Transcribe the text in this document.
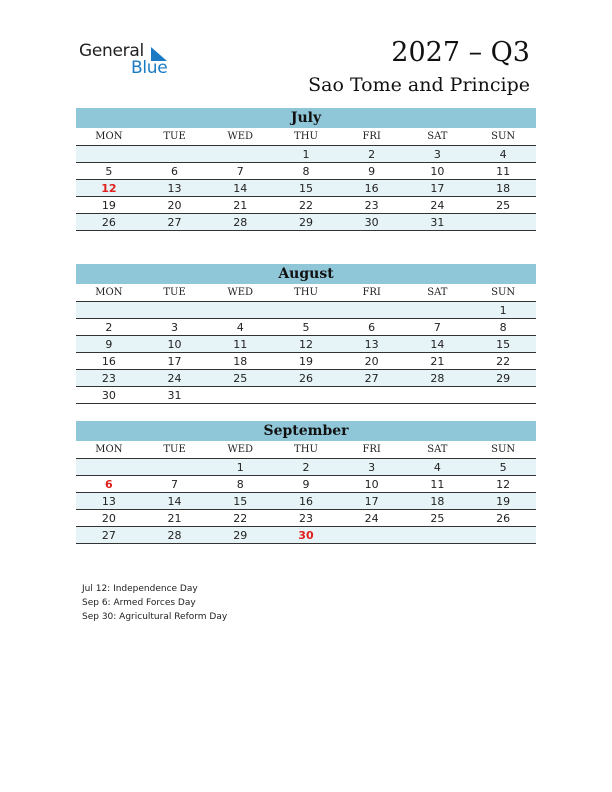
General
Blue	2027 – Q3
Sao Tome and Principe
July
MON	TUE	WED	THU	FRI	SAT	SUN
			1	2	3	4
5	6	7	8	9	10	11
12	13	14	15	16	17	18
19	20	21	22	23	24	25
26	27	28	29	30	31	
August
MON	TUE	WED	THU	FRI	SAT	SUN
						1
2	3	4	5	6	7	8
9	10	11	12	13	14	15
16	17	18	19	20	21	22
23	24	25	26	27	28	29
30	31					
September
MON	TUE	WED	THU	FRI	SAT	SUN
		1	2	3	4	5
6	7	8	9	10	11	12
13	14	15	16	17	18	19
20	21	22	23	24	25	26
27	28	29	30			
Jul 12: Independence Day
Sep 6: Armed Forces Day
Sep 30: Agricultural Reform Day
